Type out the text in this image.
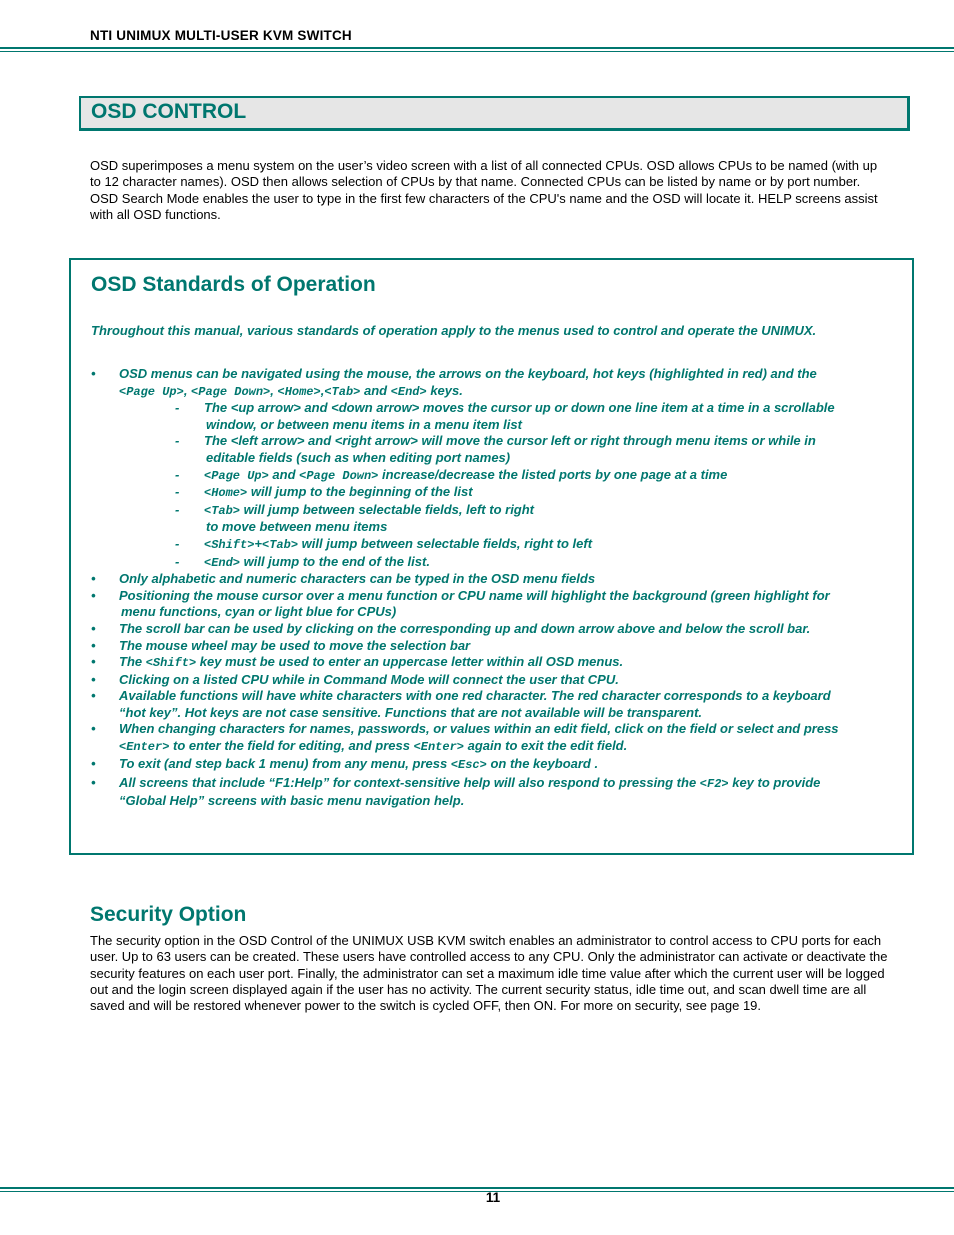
NTI UNIMUX MULTI-USER KVM SWITCH
OSD CONTROL
OSD superimposes a menu system on the user’s video screen with a list of all connected CPUs. OSD allows CPUs to be named (with up to 12 character names). OSD then allows selection of CPUs by that name. Connected CPUs can be listed by name or by port number. OSD Search Mode enables the user to type in the first few characters of the CPU's name and the OSD will locate it. HELP screens assist with all OSD functions.
OSD Standards of Operation
Throughout this manual, various standards of operation apply to the menus used to control and operate the UNIMUX.
• OSD menus can be navigated using the mouse, the arrows on the keyboard, hot keys (highlighted in red) and the
<Page Up>, <Page Down>, <Home>,<Tab> and <End> keys.
- The <up arrow> and <down arrow> moves the cursor up or down one line item at a time in a scrollable
window, or between menu items in a menu item list
- The <left arrow> and <right arrow> will move the cursor left or right through menu items or while in
editable fields (such as when editing port names)
- <Page Up> and <Page Down> increase/decrease the listed ports by one page at a time
- <Home> will jump to the beginning of the list
- <Tab> will jump between selectable fields, left to right
to move between menu items
- <Shift>+<Tab> will jump between selectable fields, right to left
- <End> will jump to the end of the list.
• Only alphabetic and numeric characters can be typed in the OSD menu fields
• Positioning the mouse cursor over a menu function or CPU name will highlight the background (green highlight for
menu functions, cyan or light blue for CPUs)
• The scroll bar can be used by clicking on the corresponding up and down arrow above and below the scroll bar.
• The mouse wheel may be used to move the selection bar
• The <Shift> key must be used to enter an uppercase letter within all OSD menus.
• Clicking on a listed CPU while in Command Mode will connect the user that CPU.
• Available functions will have white characters with one red character. The red character corresponds to a keyboard
“hot key”. Hot keys are not case sensitive. Functions that are not available will be transparent.
• When changing characters for names, passwords, or values within an edit field, click on the field or select and press
<Enter> to enter the field for editing, and press <Enter> again to exit the edit field.
• To exit (and step back 1 menu) from any menu, press <Esc> on the keyboard .
• All screens that include “F1:Help” for context-sensitive help will also respond to pressing the <F2> key to provide
“Global Help” screens with basic menu navigation help.
Security Option
The security option in the OSD Control of the UNIMUX USB KVM switch enables an administrator to control access to CPU ports for each user. Up to 63 users can be created. These users have controlled access to any CPU. Only the administrator can activate or deactivate the security features on each user port. Finally, the administrator can set a maximum idle time value after which the current user will be logged out and the login screen displayed again if the user has no activity. The current security status, idle time out, and scan dwell time are all saved and will be restored whenever power to the switch is cycled OFF, then ON. For more on security, see page 19.
11
